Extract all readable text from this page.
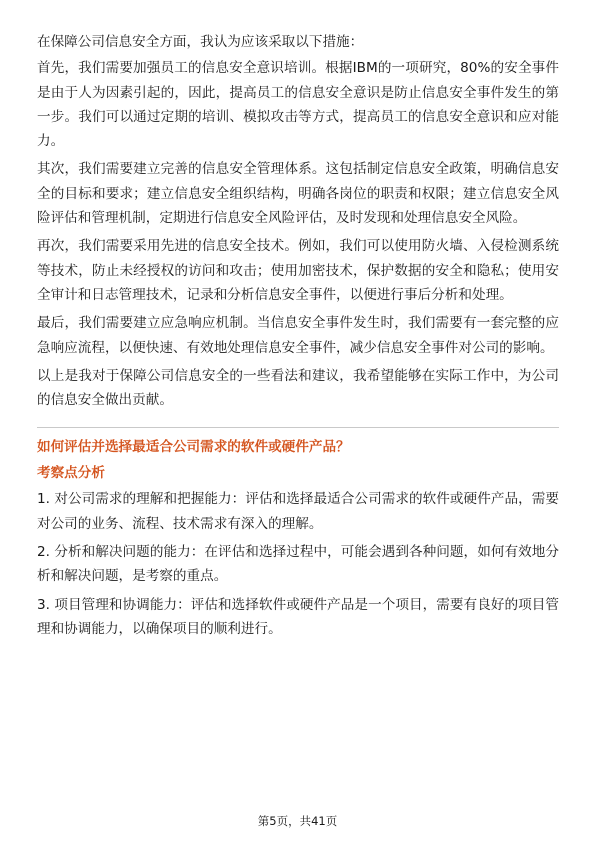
在保障公司信息安全方面，我认为应该采取以下措施：

首先，我们需要加强员工的信息安全意识培训。根据IBM的一项研究，80%的安全事件是由于人为因素引起的，因此，提高员工的信息安全意识是防止信息安全事件发生的第一步。我们可以通过定期的培训、模拟攻击等方式，提高员工的信息安全意识和应对能力。

其次，我们需要建立完善的信息安全管理体系。这包括制定信息安全政策，明确信息安全的目标和要求；建立信息安全组织结构，明确各岗位的职责和权限；建立信息安全风险评估和管理机制，定期进行信息安全风险评估，及时发现和处理信息安全风险。

再次，我们需要采用先进的信息安全技术。例如，我们可以使用防火墙、入侵检测系统等技术，防止未经授权的访问和攻击；使用加密技术，保护数据的安全和隐私；使用安全审计和日志管理技术，记录和分析信息安全事件，以便进行事后分析和处理。

最后，我们需要建立应急响应机制。当信息安全事件发生时，我们需要有一套完整的应急响应流程，以便快速、有效地处理信息安全事件，减少信息安全事件对公司的影响。

以上是我对于保障公司信息安全的一些看法和建议，我希望能够在实际工作中，为公司的信息安全做出贡献。

如何评估并选择最适合公司需求的软件或硬件产品？
考察点分析

1. 对公司需求的理解和把握能力：评估和选择最适合公司需求的软件或硬件产品，需要对公司的业务、流程、技术需求有深入的理解。

2. 分析和解决问题的能力：在评估和选择过程中，可能会遇到各种问题，如何有效地分析和解决问题，是考察的重点。

3. 项目管理和协调能力：评估和选择软件或硬件产品是一个项目，需要有良好的项目管理和协调能力，以确保项目的顺利进行。

第5页，共41页
